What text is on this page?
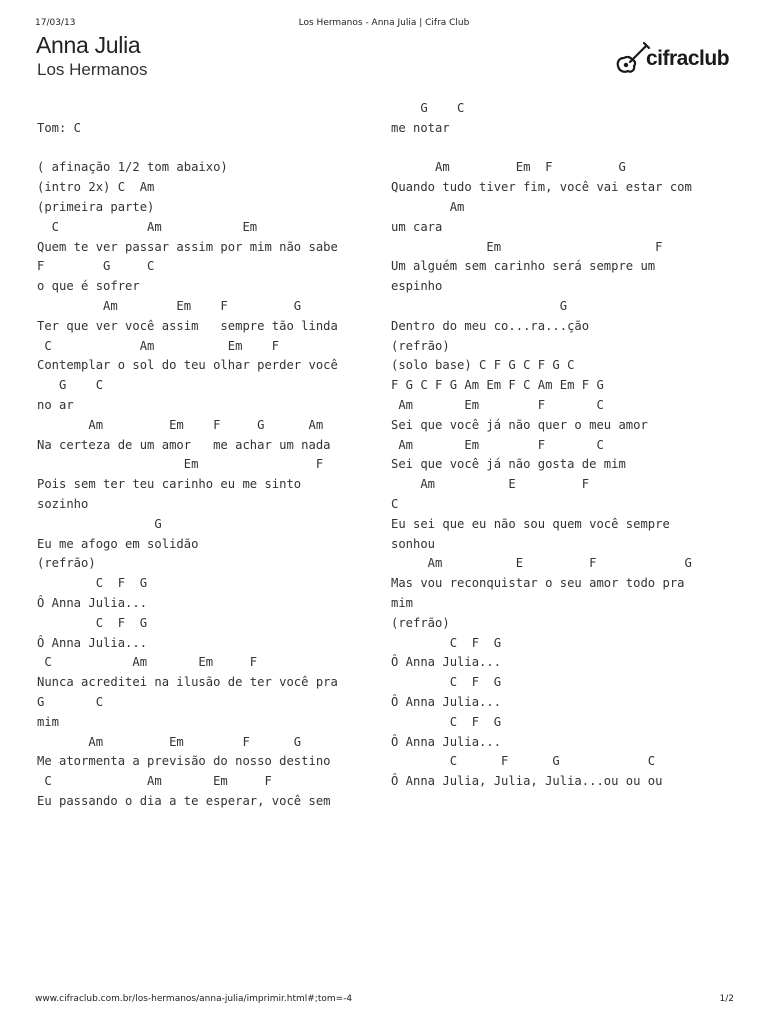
17/03/13	Los Hermanos - Anna Julia | Cifra Club
Anna Julia
Los Hermanos	cifraclub

Tom: C

( afinação 1/2 tom abaixo)
(intro 2x) C  Am
(primeira parte)
C            Am           Em
Quem te ver passar assim por mim não sabe
F        G     C
o que é sofrer
Am        Em    F         G
Ter que ver você assim   sempre tão linda
C            Am          Em    F
Contemplar o sol do teu olhar perder você
G    C
no ar
Am         Em    F     G      Am
Na certeza de um amor   me achar um nada
Em                F
Pois sem ter teu carinho eu me sinto
sozinho
G
Eu me afogo em solidão
(refrão)
C  F  G
Ô Anna Julia...
C  F  G
Ô Anna Julia...
C           Am       Em     F
Nunca acreditei na ilusão de ter você pra
G       C
mim
Am         Em        F      G
Me atormenta a previsão do nosso destino
C             Am       Em     F
Eu passando o dia a te esperar, você sem
G    C
me notar

Am         Em  F         G
Quando tudo tiver fim, você vai estar com
Am
um cara
Em                     F
Um alguém sem carinho será sempre um
espinho
G
Dentro do meu co...ra...ção
(refrão)
(solo base) C F G C F G C
F G C F G Am Em F C Am Em F G
Am       Em        F       C
Sei que você já não quer o meu amor
Am       Em        F       C
Sei que você já não gosta de mim
Am          E         F
C
Eu sei que eu não sou quem você sempre
sonhou
Am          E         F            G
Mas vou reconquistar o seu amor todo pra
mim
(refrão)
C  F  G
Ô Anna Julia...
C  F  G
Ô Anna Julia...
C  F  G
Ô Anna Julia...
C      F      G            C
Ô Anna Julia, Julia, Julia...ou ou ou
www.cifraclub.com.br/los-hermanos/anna-julia/imprimir.html#;tom=-4	1/2
